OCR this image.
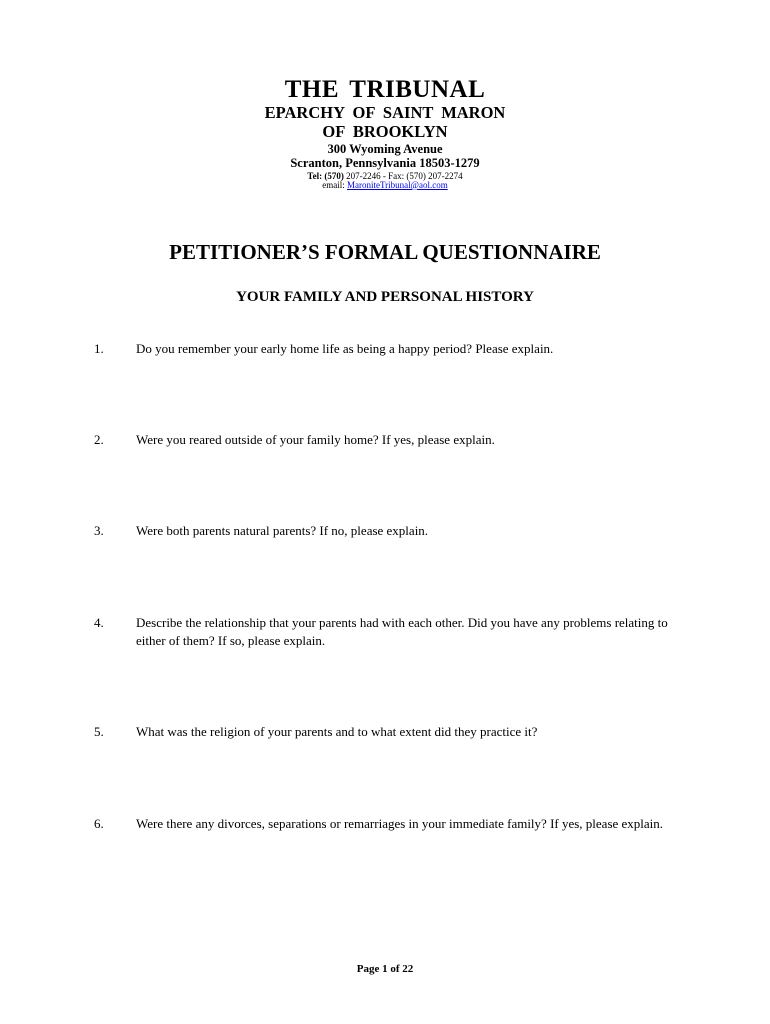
THE TRIBUNAL
EPARCHY OF SAINT MARON
OF BROOKLYN
300 Wyoming Avenue
Scranton, Pennsylvania 18503-1279
Tel: (570) 207-2246 - Fax: (570) 207-2274
email: MaroniteTribunal@aol.com
PETITIONER’S FORMAL QUESTIONNAIRE
YOUR FAMILY AND PERSONAL HISTORY
1. Do you remember your early home life as being a happy period? Please explain.
2. Were you reared outside of your family home? If yes, please explain.
3. Were both parents natural parents? If no, please explain.
4. Describe the relationship that your parents had with each other. Did you have any problems relating to either of them? If so, please explain.
5. What was the religion of your parents and to what extent did they practice it?
6. Were there any divorces, separations or remarriages in your immediate family? If yes, please explain.
Page 1 of 22
